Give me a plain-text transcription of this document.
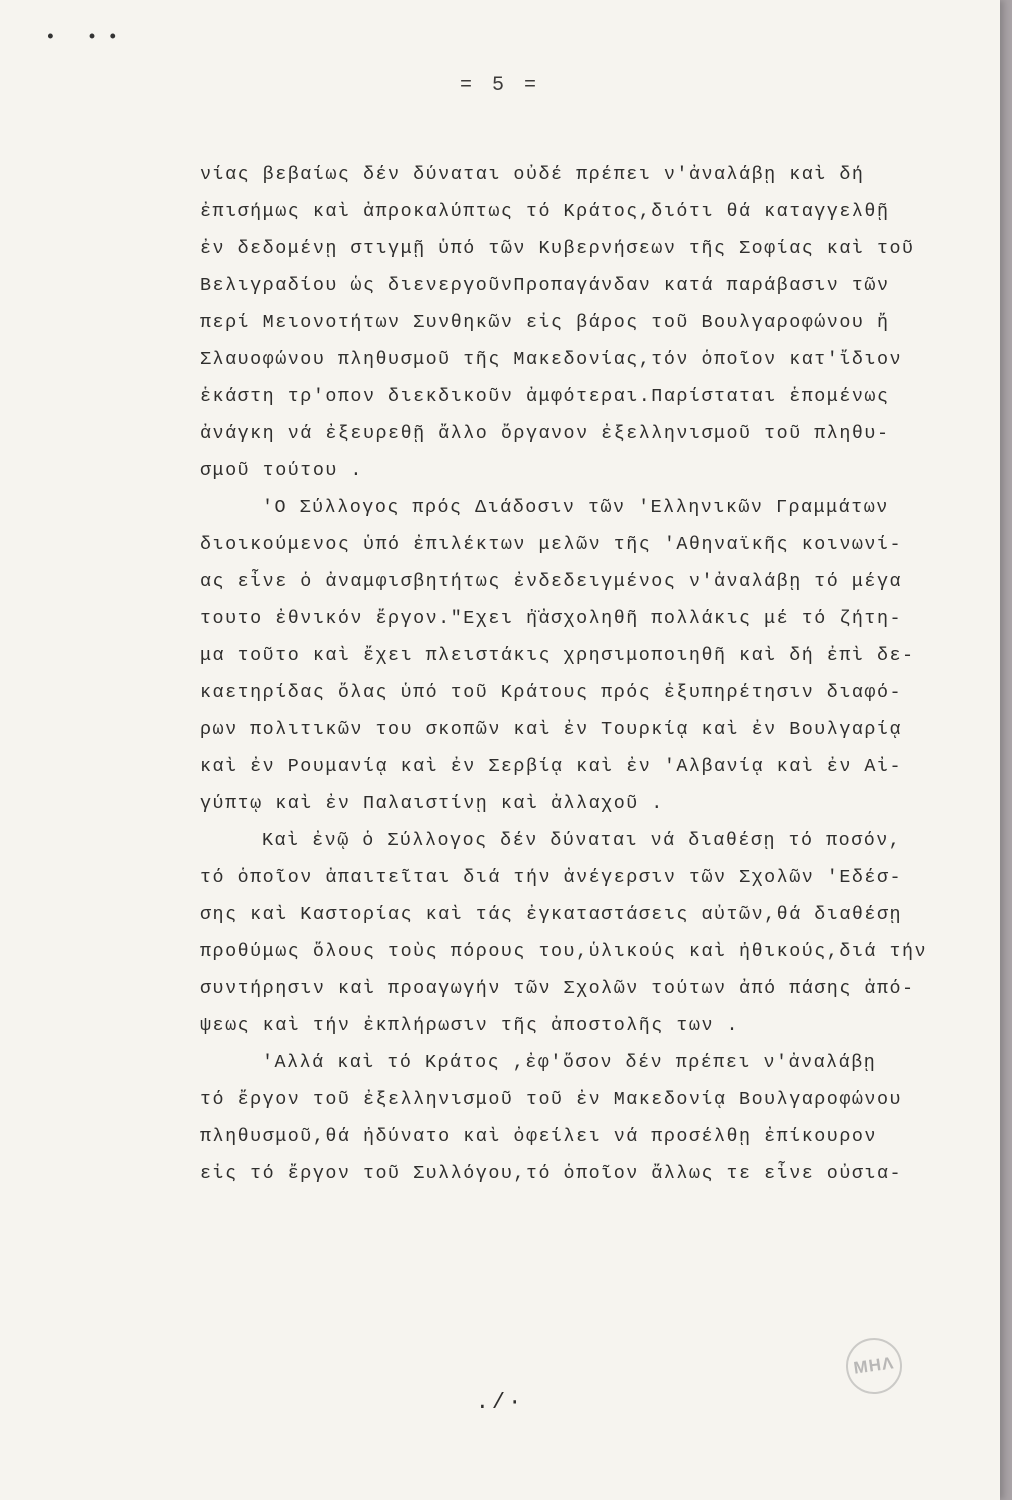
• ••
= 5 =
νίας βεβαίως δέν δύναται οὐδέ πρέπει ν'ἀναλάβῃ καὶ δή
ἐπισήμως καὶ ἀπροκαλύπτως τό Κράτος,διότι θά καταγγελθῇ
ἐν δεδομένῃ στιγμῇ ὑπό τῶν Κυβερνήσεων τῆς Σοφίας καὶ τοῦ
Βελιγραδίου ὡς διενεργοῦνΠροπαγάνδαν κατά παράβασιν τῶν
περί Μειονοτήτων Συνθηκῶν εἰς βάρος τοῦ Βουλγαροφώνου ἤ
Σλαυοφώνου πληθυσμοῦ τῆς Μακεδονίας,τόν ὁποῖον κατ'ἴδιον
ἑκάστη τρ'οπον διεκδικοῦν ἀμφότεραι.Παρίσταται ἑπομένως
ἀνάγκη νά ἐξευρεθῇ ἄλλο ὄργανον ἐξελληνισμοῦ τοῦ πληθυ-
σμοῦ τούτου .
'Ο Σύλλογος πρός Διάδοσιν τῶν 'Ελληνικῶν Γραμμάτων
διοικούμενος ὑπό ἐπιλέκτων μελῶν τῆς 'Αθηναϊκῆς κοινωνί-
ας εἶνε ὁ ἀναμφισβητήτως ἐνδεδειγμένος ν'ἀναλάβῃ τό μέγα
τουτο ἐθνικόν ἔργον."Εχει ἠ̈ἀσχοληθῆ πολλάκις μέ τό ζήτη-
μα τοῦτο καὶ ἔχει πλειστάκις χρησιμοποιηθῆ καὶ δή ἐπὶ δε-
καετηρίδας ὅλας ὑπό τοῦ Κράτους πρός ἐξυπηρέτησιν διαφό-
ρων πολιτικῶν του σκοπῶν καὶ ἐν Τουρκίᾳ καὶ ἐν Βουλγαρίᾳ
καὶ ἐν Ρουμανίᾳ καὶ ἐν Σερβίᾳ καὶ ἐν 'Αλβανίᾳ καὶ ἐν Αἰ-
γύπτῳ καὶ ἐν Παλαιστίνῃ καὶ ἀλλαχοῦ .
Καὶ ἐνῷ ὁ Σύλλογος δέν δύναται νά διαθέσῃ τό ποσόν,
τό ὁποῖον ἀπαιτεῖται διά τήν ἀνέγερσιν τῶν Σχολῶν 'Εδέσ-
σης καὶ Καστορίας καὶ τάς ἐγκαταστάσεις αὐτῶν,θά διαθέσῃ
προθύμως ὅλους τοὺς πόρους του,ὑλικούς καὶ ἠθικούς,διά τήν
συντήρησιν καὶ προαγωγήν τῶν Σχολῶν τούτων ἀπό πάσης ἀπό-
ψεως καὶ τήν ἐκπλήρωσιν τῆς ἀποστολῆς των .
'Αλλά καὶ τό Κράτος ,ἐφ'ὅσον δέν πρέπει ν'ἀναλάβῃ
τό ἔργον τοῦ ἐξελληνισμοῦ τοῦ ἐν Μακεδονίᾳ Βουλγαροφώνου
πληθυσμοῦ,θά ἠδύνατο καὶ ὀφείλει νά προσέλθῃ ἐπίκουρον
εἰς τό ἔργον τοῦ Συλλόγου,τό ὁποῖον ἄλλως τε εἶνε οὐσια-
ΜΗΛ
./·
